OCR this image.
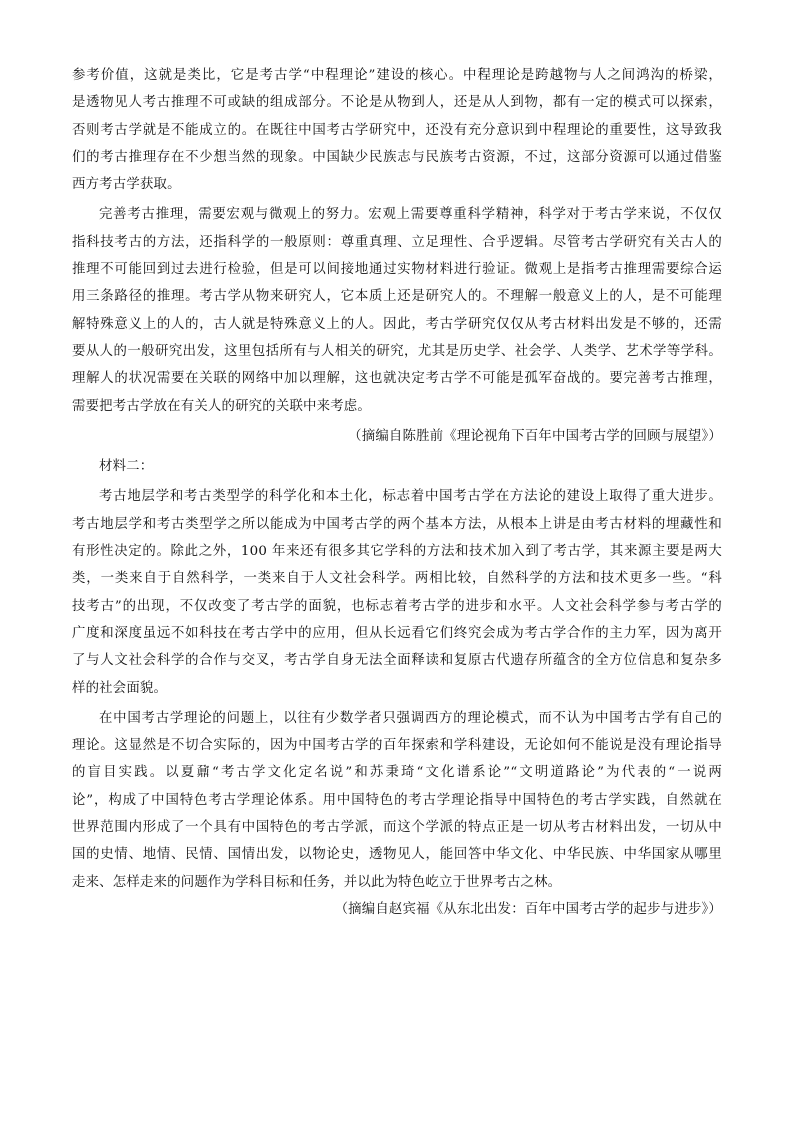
参考价值，这就是类比，它是考古学“中程理论”建设的核心。中程理论是跨越物与人之间鸿沟的桥梁，
是透物见人考古推理不可或缺的组成部分。不论是从物到人，还是从人到物，都有一定的模式可以探索，
否则考古学就是不能成立的。在既往中国考古学研究中，还没有充分意识到中程理论的重要性，这导致我
们的考古推理存在不少想当然的现象。中国缺少民族志与民族考古资源，不过，这部分资源可以通过借鉴
西方考古学获取。
完善考古推理，需要宏观与微观上的努力。宏观上需要尊重科学精神，科学对于考古学来说，不仅仅
指科技考古的方法，还指科学的一般原则：尊重真理、立足理性、合乎逻辑。尽管考古学研究有关古人的
推理不可能回到过去进行检验，但是可以间接地通过实物材料进行验证。微观上是指考古推理需要综合运
用三条路径的推理。考古学从物来研究人，它本质上还是研究人的。不理解一般意义上的人，是不可能理
解特殊意义上的人的，古人就是特殊意义上的人。因此，考古学研究仅仅从考古材料出发是不够的，还需
要从人的一般研究出发，这里包括所有与人相关的研究，尤其是历史学、社会学、人类学、艺术学等学科。
理解人的状况需要在关联的网络中加以理解，这也就决定考古学不可能是孤军奋战的。要完善考古推理，
需要把考古学放在有关人的研究的关联中来考虑。
（摘编自陈胜前《理论视角下百年中国考古学的回顾与展望》）
材料二：
考古地层学和考古类型学的科学化和本土化，标志着中国考古学在方法论的建设上取得了重大进步。
考古地层学和考古类型学之所以能成为中国考古学的两个基本方法，从根本上讲是由考古材料的埋藏性和
有形性决定的。除此之外，100 年来还有很多其它学科的方法和技术加入到了考古学，其来源主要是两大
类，一类来自于自然科学，一类来自于人文社会科学。两相比较，自然科学的方法和技术更多一些。“科
技考古”的出现，不仅改变了考古学的面貌，也标志着考古学的进步和水平。人文社会科学参与考古学的
广度和深度虽远不如科技在考古学中的应用，但从长远看它们终究会成为考古学合作的主力军，因为离开
了与人文社会科学的合作与交叉，考古学自身无法全面释读和复原古代遗存所蕴含的全方位信息和复杂多
样的社会面貌。
在中国考古学理论的问题上，以往有少数学者只强调西方的理论模式，而不认为中国考古学有自己的
理论。这显然是不切合实际的，因为中国考古学的百年探索和学科建设，无论如何不能说是没有理论指导
的盲目实践。以夏鼐“考古学文化定名说”和苏秉琦“文化谱系论”“文明道路论”为代表的“一说两
论”，构成了中国特色考古学理论体系。用中国特色的考古学理论指导中国特色的考古学实践，自然就在
世界范围内形成了一个具有中国特色的考古学派，而这个学派的特点正是一切从考古材料出发，一切从中
国的史情、地情、民情、国情出发，以物论史，透物见人，能回答中华文化、中华民族、中华国家从哪里
走来、怎样走来的问题作为学科目标和任务，并以此为特色屹立于世界考古之林。
（摘编自赵宾福《从东北出发：百年中国考古学的起步与进步》）
